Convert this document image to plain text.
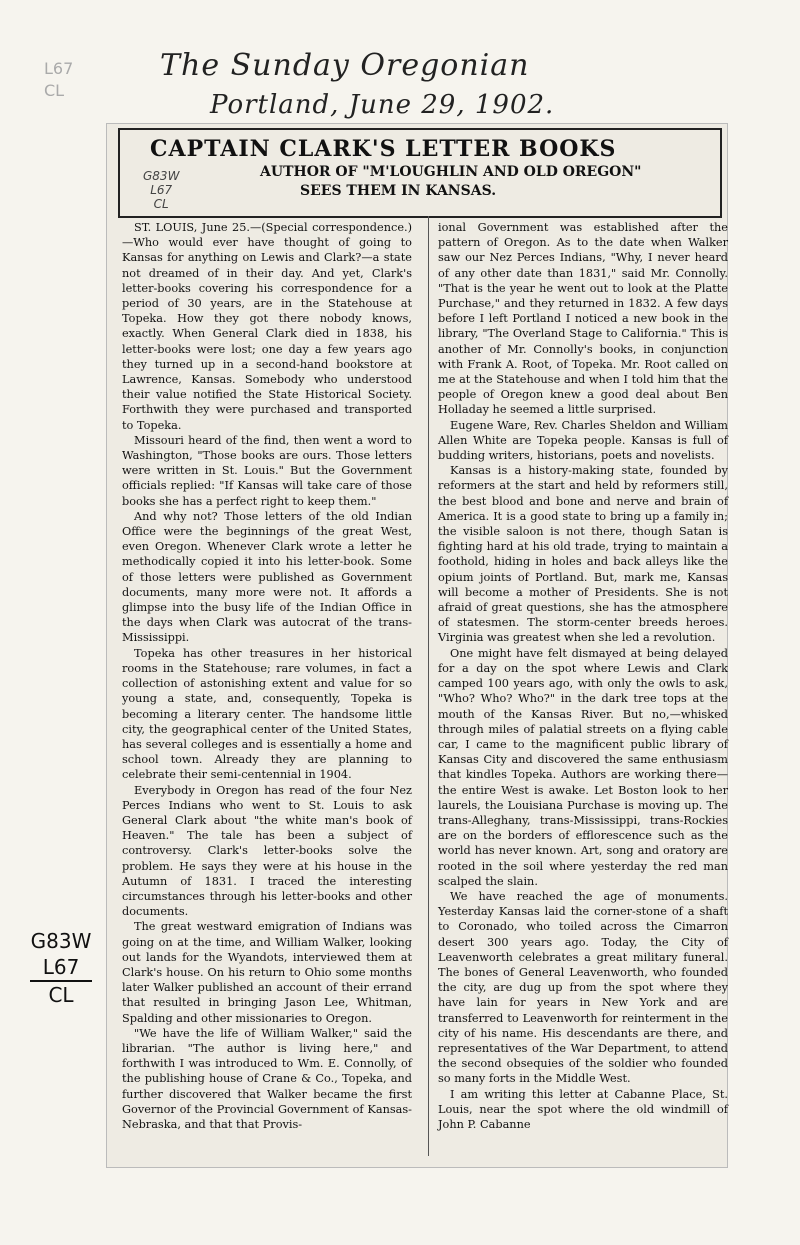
The Sunday Oregonian
Portland, June 29, 1902.
L67
CL
CAPTAIN CLARK'S LETTER BOOKS
AUTHOR OF "M'LOUGHLIN AND OLD OREGON"
SEES THEM IN KANSAS.
G83W
L67
CL

ST. LOUIS, June 25.—(Special correspondence.)—Who would ever have thought of going to Kansas for anything on Lewis and Clark?—a state not dreamed of in their day. And yet, Clark's letter-books covering his correspondence for a period of 30 years, are in the Statehouse at Topeka. How they got there nobody knows, exactly. When General Clark died in 1838, his letter-books were lost; one day a few years ago they turned up in a second-hand bookstore at Lawrence, Kansas. Somebody who understood their value notified the State Historical Society. Forthwith they were purchased and transported to Topeka.

Missouri heard of the find, then went a word to Washington, "Those books are ours. Those letters were written in St. Louis." But the Government officials replied: "If Kansas will take care of those books she has a perfect right to keep them."

And why not? Those letters of the old Indian Office were the beginnings of the great West, even Oregon. Whenever Clark wrote a letter he methodically copied it into his letter-book. Some of those letters were published as Government documents, many more were not. It affords a glimpse into the busy life of the Indian Office in the days when Clark was autocrat of the trans-Mississippi.

Topeka has other treasures in her historical rooms in the Statehouse; rare volumes, in fact a collection of astonishing extent and value for so young a state, and, consequently, Topeka is becoming a literary center. The handsome little city, the geographical center of the United States, has several colleges and is essentially a home and school town. Already they are planning to celebrate their semi-centennial in 1904.

Everybody in Oregon has read of the four Nez Perces Indians who went to St. Louis to ask General Clark about "the white man's book of Heaven." The tale has been a subject of controversy. Clark's letter-books solve the problem. He says they were at his house in the Autumn of 1831. I traced the interesting circumstances through his letter-books and other documents.

The great westward emigration of Indians was going on at the time, and William Walker, looking out lands for the Wyandots, interviewed them at Clark's house. On his return to Ohio some months later Walker published an account of their errand that resulted in bringing Jason Lee, Whitman, Spalding and other missionaries to Oregon.

"We have the life of William Walker," said the librarian. "The author is living here," and forthwith I was introduced to Wm. E. Connolly, of the publishing house of Crane & Co., Topeka, and further discovered that Walker became the first Governor of the Provincial Government of Kansas-Nebraska, and that that Provis-

ional Government was established after the pattern of Oregon. As to the date when Walker saw our Nez Perces Indians, "Why, I never heard of any other date than 1831," said Mr. Connolly. "That is the year he went out to look at the Platte Purchase," and they returned in 1832. A few days before I left Portland I noticed a new book in the library, "The Overland Stage to California." This is another of Mr. Connolly's books, in conjunction with Frank A. Root, of Topeka. Mr. Root called on me at the Statehouse and when I told him that the people of Oregon knew a good deal about Ben Holladay he seemed a little surprised.

Eugene Ware, Rev. Charles Sheldon and William Allen White are Topeka people. Kansas is full of budding writers, historians, poets and novelists.

Kansas is a history-making state, founded by reformers at the start and held by reformers still, the best blood and bone and nerve and brain of America. It is a good state to bring up a family in; the visible saloon is not there, though Satan is fighting hard at his old trade, trying to maintain a foothold, hiding in holes and back alleys like the opium joints of Portland. But, mark me, Kansas will become a mother of Presidents. She is not afraid of great questions, she has the atmosphere of statesmen. The storm-center breeds heroes. Virginia was greatest when she led a revolution.

One might have felt dismayed at being delayed for a day on the spot where Lewis and Clark camped 100 years ago, with only the owls to ask, "Who? Who? Who?" in the dark tree tops at the mouth of the Kansas River. But no,—whisked through miles of palatial streets on a flying cable car, I came to the magnificent public library of Kansas City and discovered the same enthusiasm that kindles Topeka. Authors are working there—the entire West is awake. Let Boston look to her laurels, the Louisiana Purchase is moving up. The trans-Alleghany, trans-Mississippi, trans-Rockies are on the borders of efflorescence such as the world has never known. Art, song and oratory are rooted in the soil where yesterday the red man scalped the slain.

We have reached the age of monuments. Yesterday Kansas laid the corner-stone of a shaft to Coronado, who toiled across the Cimarron desert 300 years ago. Today, the City of Leavenworth celebrates a great military funeral. The bones of General Leavenworth, who founded the city, are dug up from the spot where they have lain for years in New York and are transferred to Leavenworth for reinterment in the city of his name. His descendants are there, and representatives of the War Department, to attend the second obsequies of the soldier who founded so many forts in the Middle West.

I am writing this letter at Cabanne Place, St. Louis, near the spot where the old windmill of John P. Cabanne

G83W
L67
CL
